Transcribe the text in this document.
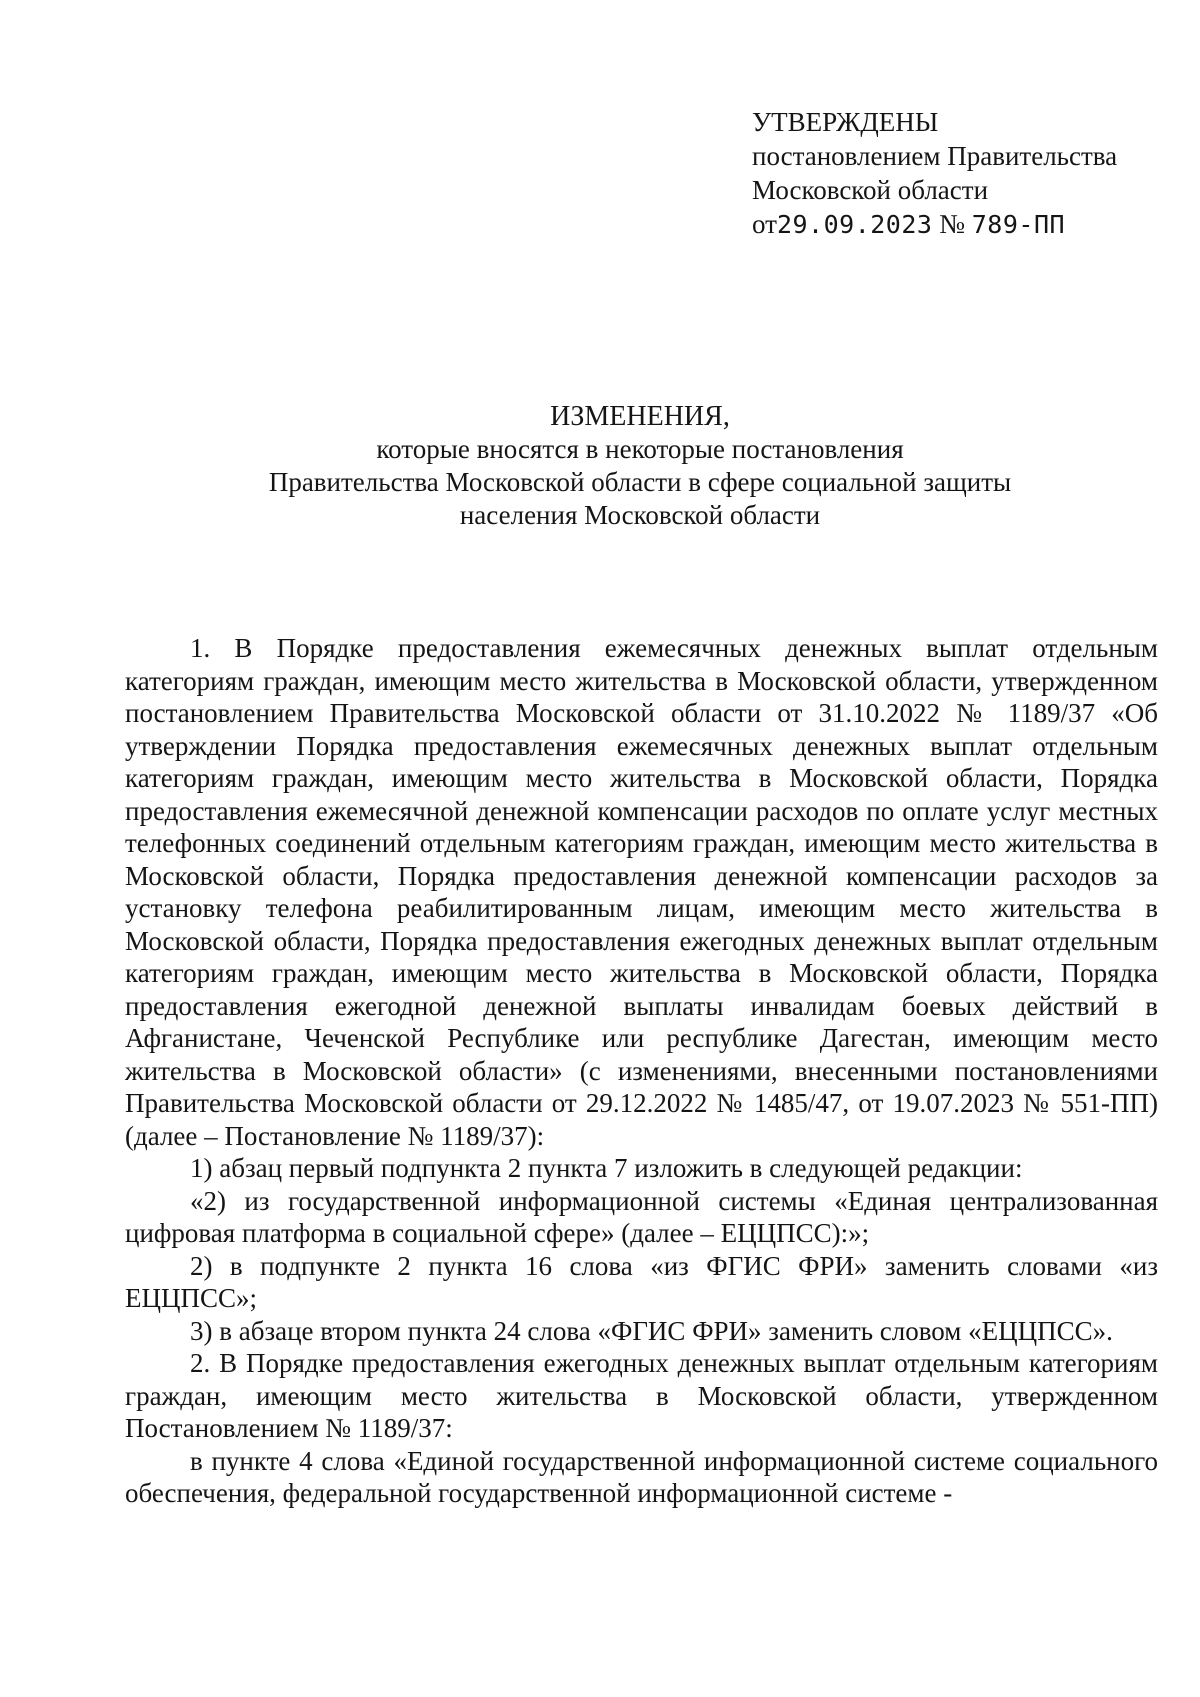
УТВЕРЖДЕНЫ
постановлением Правительства
Московской области
от29.09.2023 № 789-ПП
ИЗМЕНЕНИЯ,
которые вносятся в некоторые постановления
Правительства Московской области в сфере социальной защиты
населения Московской области

1. В Порядке предоставления ежемесячных денежных выплат отдельным категориям граждан, имеющим место жительства в Московской области, утвержденном постановлением Правительства Московской области от 31.10.2022 № 1189/37 «Об утверждении Порядка предоставления ежемесячных денежных выплат отдельным категориям граждан, имеющим место жительства в Московской области, Порядка предоставления ежемесячной денежной компенсации расходов по оплате услуг местных телефонных соединений отдельным категориям граждан, имеющим место жительства в Московской области, Порядка предоставления денежной компенсации расходов за установку телефона реабилитированным лицам, имеющим место жительства в Московской области, Порядка предоставления ежегодных денежных выплат отдельным категориям граждан, имеющим место жительства в Московской области, Порядка предоставления ежегодной денежной выплаты инвалидам боевых действий в Афганистане, Чеченской Республике или республике Дагестан, имеющим место жительства в Московской области» (с изменениями, внесенными постановлениями Правительства Московской области от 29.12.2022 № 1485/47, от 19.07.2023 № 551-ПП) (далее – Постановление № 1189/37):

1) абзац первый подпункта 2 пункта 7 изложить в следующей редакции:

«2) из государственной информационной системы «Единая централизованная цифровая платформа в социальной сфере» (далее – ЕЦЦПСС):»;

2) в подпункте 2 пункта 16 слова «из ФГИС ФРИ» заменить словами «из ЕЦЦПСС»;

3) в абзаце втором пункта 24 слова «ФГИС ФРИ» заменить словом «ЕЦЦПСС».

2. В Порядке предоставления ежегодных денежных выплат отдельным категориям граждан, имеющим место жительства в Московской области, утвержденном Постановлением № 1189/37:

в пункте 4 слова «Единой государственной информационной системе социального обеспечения, федеральной государственной информационной системе -
